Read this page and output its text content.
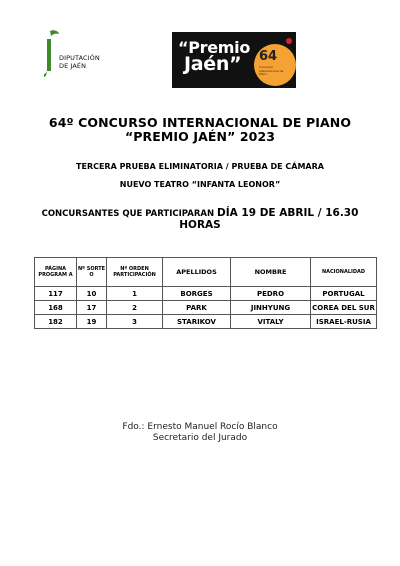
DIPUTACIÓN
DE JAÉN
“Premio
Jaén”	64
Concurso Internacional de Piano
64º CONCURSO INTERNACIONAL DE PIANO
“PREMIO JAÉN” 2023
TERCERA PRUEBA ELIMINATORIA / PRUEBA DE CÁMARA
NUEVO TEATRO “INFANTA LEONOR”
CONCURSANTES QUE PARTICIPARAN DÍA 19 DE ABRIL / 16.30
HORAS
PÁGINA PROGRAM A	Nº SORTE O	Nº ORDEN PARTICIPACIÓN	APELLIDOS	NOMBRE	NACIONALIDAD
117	10	1	BORGES	PEDRO	PORTUGAL
168	17	2	PARK	JINHYUNG	COREA DEL SUR
182	19	3	STARIKOV	VITALY	ISRAEL-RUSIA
Fdo.: Ernesto Manuel Rocío Blanco
Secretario del Jurado
